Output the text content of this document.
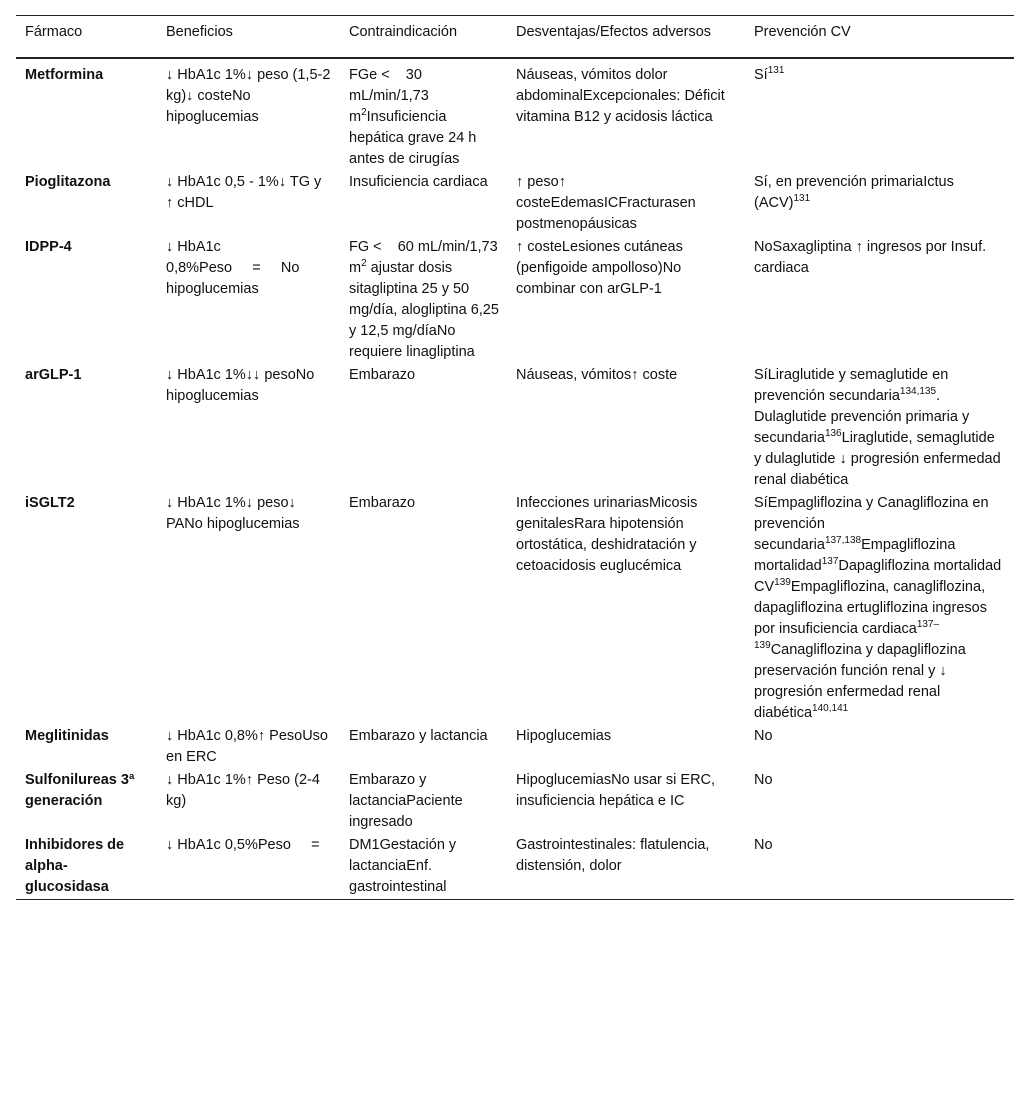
Fármaco	Beneficios	Contraindicación	Desventajas/Efectos adversos	Prevención CV
Metformina	↓ HbA1c 1%↓ peso (1,5-2 kg)↓ costeNo hipoglucemias	FGe <    30 mL/min/1,73 $m^2Insuficiencia$ hepática grave 24 h antes de cirugías	Náuseas, vómitos dolor abdominalExcepcionales: Déficit vitamina B12 y acidosis láctica	$Sí^{131}$
Pioglitazona	↓ HbA1c 0,5 - 1%↓ TG y ↑ cHDL	Insuficiencia cardiaca	↑ peso↑ costeEdemasICFracturasen postmenopáusicas	Sí, en prevención primariaIctus (ACV)$^{131}$
IDPP-4	↓ HbA1c 0,8%Peso     =     No hipoglucemias	FG <    60 mL/min/1,73 $m^2$ ajustar dosis sitagliptina 25 y 50 mg/día, alogliptina 6,25 y 12,5 mg/díaNo requiere linagliptina	↑ costeLesiones cutáneas (penfigoide ampolloso)No combinar con arGLP-1	NoSaxagliptina ↑ ingresos por Insuf. cardiaca
arGLP-1	↓ HbA1c 1%↓↓ pesoNo hipoglucemias	Embarazo	Náuseas, vómitos↑ coste	SíLiraglutide y semaglutide en prevención secundaria$^{134,135}$. Dulaglutide prevención primaria y secundaria$^{136}$Liraglutide, semaglutide y dulaglutide ↓ progresión enfermedad renal diabética
iSGLT2	↓ HbA1c 1%↓ peso↓ PANo hipoglucemias	Embarazo	Infecciones urinariasMicosis genitalesRara hipotensión ortostática, deshidratación y cetoacidosis euglucémica	SíEmpagliflozina y Canagliflozina en prevención secundaria$^{137,138}$Empagliflozina mortalidad$^{137}$Dapagliflozina mortalidad CV$^{139}$Empagliflozina, canagliflozina, dapagliflozina ertugliflozina ingresos por insuficiencia cardiaca$^{137-139}$Canagliflozina y dapagliflozina preservación función renal y ↓ progresión enfermedad renal diabética$^{140,141}$
Meglitinidas	↓ HbA1c 0,8%↑ PesoUso en ERC	Embarazo y lactancia	Hipoglucemias	No
Sulfonilureas 3ª generación	↓ HbA1c 1%↑ Peso (2-4 kg)	Embarazo y lactanciaPaciente ingresado	HipoglucemiasNo usar si ERC, insuficiencia hepática e IC	No
Inhibidores de alpha-glucosidasa	↓ HbA1c 0,5%Peso     =	DM1Gestación y lactanciaEnf. gastrointestinal	Gastrointestinales: flatulencia, distensión, dolor	No
